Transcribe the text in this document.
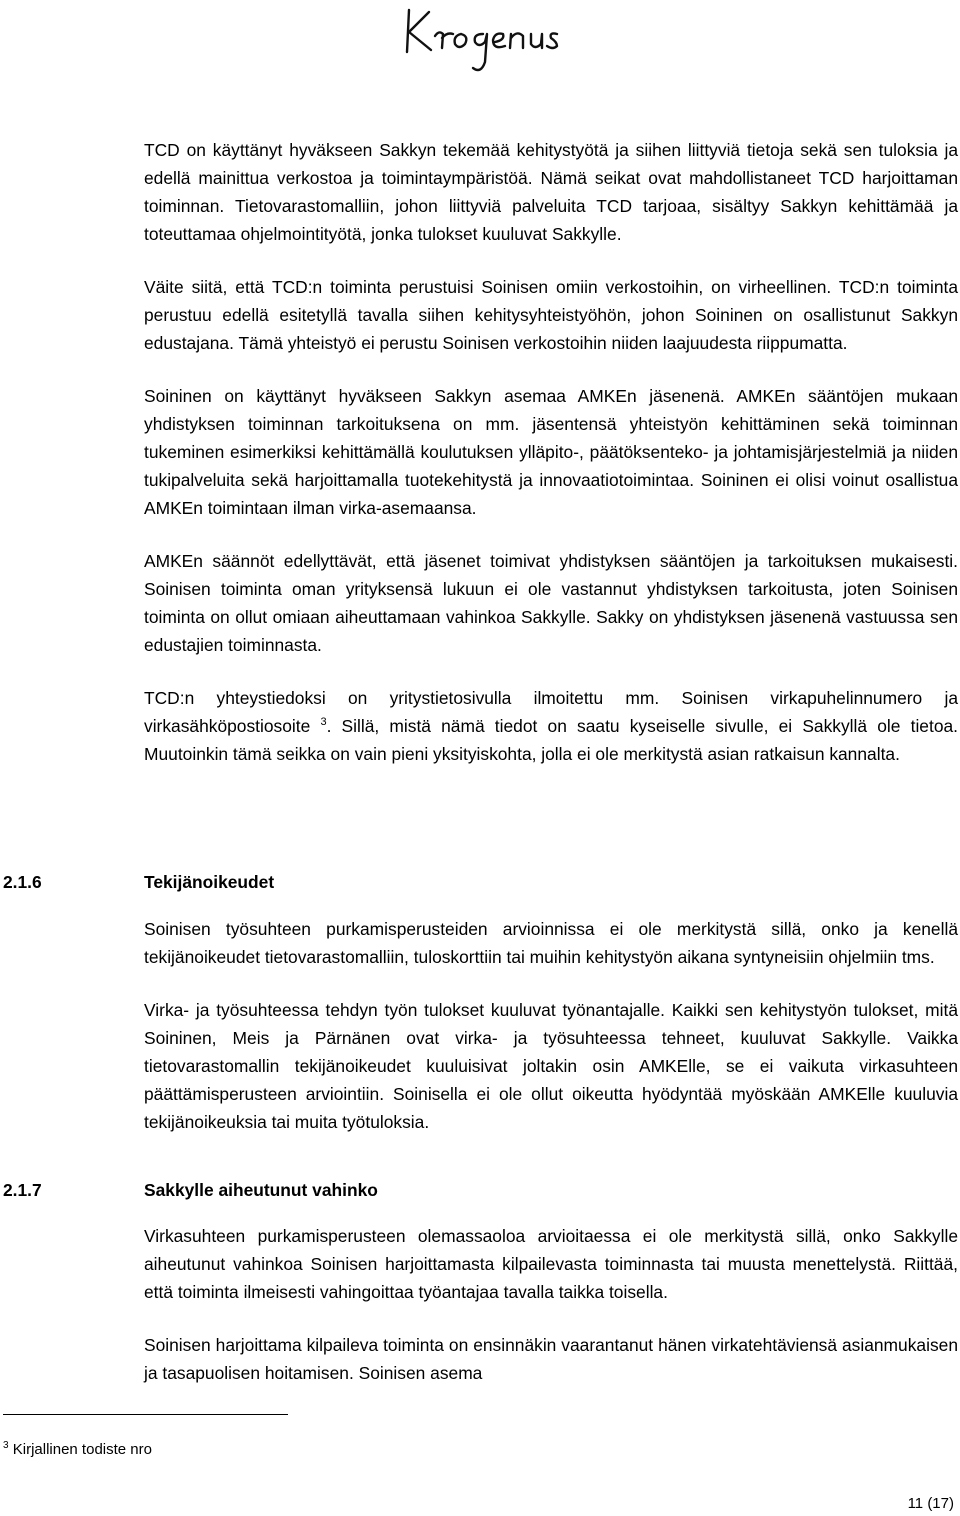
TCD on käyttänyt hyväkseen Sakkyn tekemää kehitystyötä ja siihen liittyviä tietoja sekä sen tuloksia ja edellä mainittua verkostoa ja toimintaympäristöä. Nämä seikat ovat mahdollistaneet TCD harjoittaman toiminnan. Tietovarastomalliin, johon liittyviä palveluita TCD tarjoaa, sisältyy Sakkyn kehittämää ja toteuttamaa ohjelmointityötä, jonka tulokset kuuluvat Sakkylle.

Väite siitä, että TCD:n toiminta perustuisi Soinisen omiin verkostoihin, on virheellinen. TCD:n toiminta perustuu edellä esitetyllä tavalla siihen kehitysyhteistyöhön, johon Soininen on osallistunut Sakkyn edustajana. Tämä yhteistyö ei perustu Soinisen verkostoihin niiden laajuudesta riippumatta.

Soininen on käyttänyt hyväkseen Sakkyn asemaa AMKEn jäsenenä. AMKEn sääntöjen mukaan yhdistyksen toiminnan tarkoituksena on mm. jäsentensä yhteistyön kehittäminen sekä toiminnan tukeminen esimerkiksi kehittämällä koulutuksen ylläpito-, päätöksenteko- ja johtamisjärjestelmiä ja niiden tukipalveluita sekä harjoittamalla tuotekehitystä ja innovaatiotoimintaa. Soininen ei olisi voinut osallistua AMKEn toimintaan ilman virka-asemaansa.

AMKEn säännöt edellyttävät, että jäsenet toimivat yhdistyksen sääntöjen ja tarkoituksen mukaisesti. Soinisen toiminta oman yrityksensä lukuun ei ole vastannut yhdistyksen tarkoitusta, joten Soinisen toiminta on ollut omiaan aiheuttamaan vahinkoa Sakkylle. Sakky on yhdistyksen jäsenenä vastuussa sen edustajien toiminnasta.

TCD:n yhteystiedoksi on yritystietosivulla ilmoitettu mm. Soinisen virkapuhelinnumero ja virkasähköpostiosoite $^3$. Sillä, mistä nämä tiedot on saatu kyseiselle sivulle, ei Sakkyllä ole tietoa. Muutoinkin tämä seikka on vain pieni yksityiskohta, jolla ei ole merkitystä asian ratkaisun kannalta.

2.1.6	Tekijänoikeudet

Soinisen työsuhteen purkamisperusteiden arvioinnissa ei ole merkitystä sillä, onko ja kenellä tekijänoikeudet tietovarastomalliin, tuloskorttiin tai muihin kehitystyön aikana syntyneisiin ohjelmiin tms.

Virka- ja työsuhteessa tehdyn työn tulokset kuuluvat työnantajalle. Kaikki sen kehitystyön tulokset, mitä Soininen, Meis ja Pärnänen ovat virka- ja työsuhteessa tehneet, kuuluvat Sakkylle. Vaikka tietovarastomallin tekijänoikeudet kuuluisivat joltakin osin AMKElle, se ei vaikuta virkasuhteen päättämisperusteen arviointiin. Soinisella ei ole ollut oikeutta hyödyntää myöskään AMKElle kuuluvia tekijänoikeuksia tai muita työtuloksia.

2.1.7	Sakkylle aiheutunut vahinko

Virkasuhteen purkamisperusteen olemassaoloa arvioitaessa ei ole merkitystä sillä, onko Sakkylle aiheutunut vahinkoa Soinisen harjoittamasta kilpailevasta toiminnasta tai muusta menettelystä. Riittää, että toiminta ilmeisesti vahingoittaa työantajaa tavalla taikka toisella.

Soinisen harjoittama kilpaileva toiminta on ensinnäkin vaarantanut hänen virkatehtäviensä asianmukaisen ja tasapuolisen hoitamisen. Soinisen asema

$^3$ Kirjallinen todiste nro
11 (17)
